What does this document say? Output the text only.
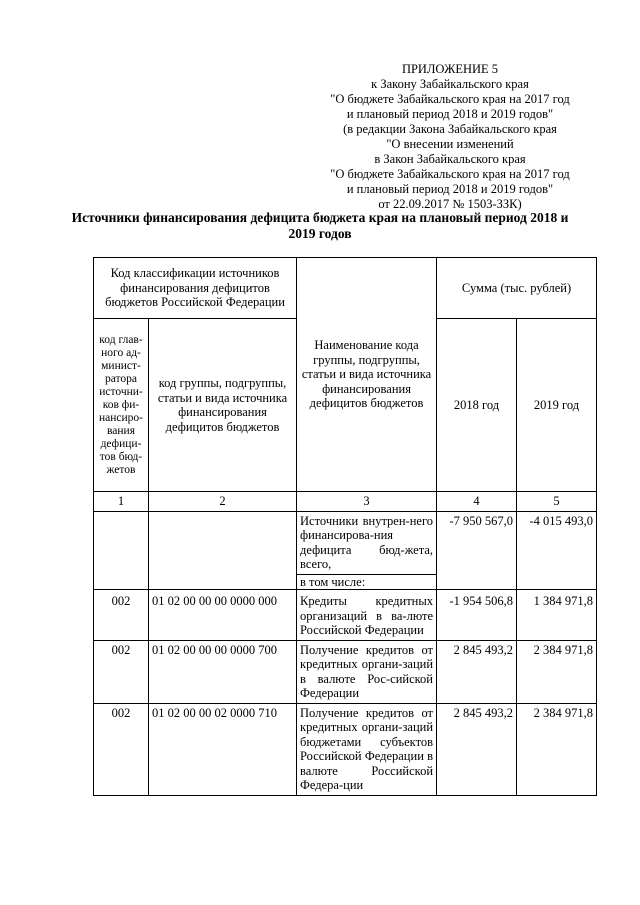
ПРИЛОЖЕНИЕ 5
к Закону Забайкальского края
"О бюджете Забайкальского края на 2017 год
и плановый период 2018 и 2019 годов"
(в редакции Закона Забайкальского края
"О внесении изменений
в Закон Забайкальского края
"О бюджете Забайкальского края на 2017 год
и плановый период 2018 и 2019 годов"
от 22.09.2017 № 1503-ЗЗК)
Источники финансирования дефицита бюджета края на плановый период 2018 и 2019 годов
Код классификации источников финансирования дефицитов бюджетов Российской Федерации		Наименование кода группы, подгруппы, статьи и вида источника финансирования дефицитов бюджетов	Сумма (тыс. рублей)	
код глав-ного ад-минист-ратора источни-ков фи-нансиро-вания дефици-тов бюд-жетов	код группы, подгруппы, статьи и вида источника финансирования дефицитов бюджетов		2018 год	2019 год
1	2	3	4	5

		Источники внутрен-него финансирова-ния дефицита бюд-жета, всего,
в том числе:	-7 950 567,0	-4 015 493,0
002	01 02 00 00 00 0000 000	Кредиты кредитных организаций в ва-люте Российской Федерации	-1 954 506,8	1 384 971,8
002	01 02 00 00 00 0000 700	Получение кредитов от кредитных органи-заций в валюте Рос-сийской Федерации	2 845 493,2	2 384 971,8
002	01 02 00 00 02 0000 710	Получение кредитов от кредитных органи-заций бюджетами субъектов Российской Федерации в валюте Российской Федера-ции	2 845 493,2	2 384 971,8
